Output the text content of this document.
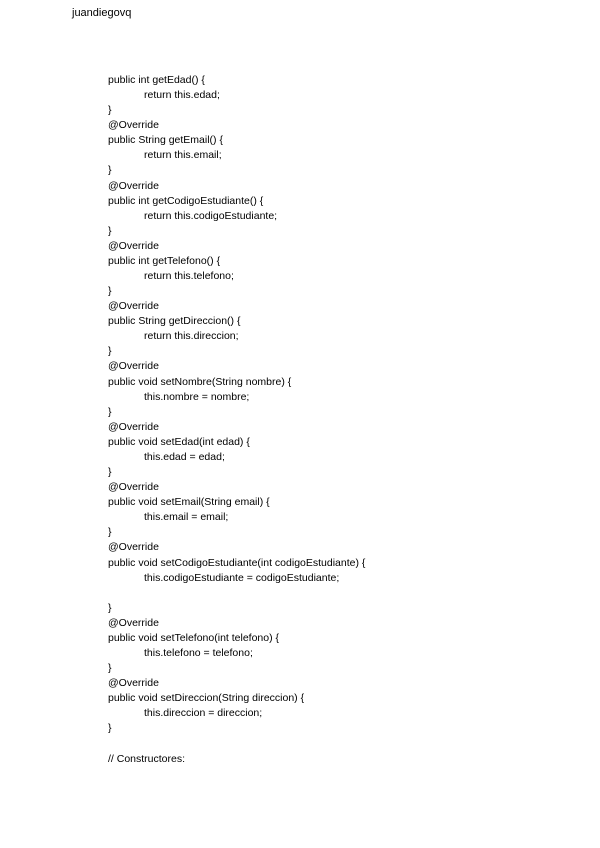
juandiegovq
public int getEdad() {
return this.edad;
}
@Override
public String getEmail() {
return this.email;
}
@Override
public int getCodigoEstudiante() {
return this.codigoEstudiante;
}
@Override
public int getTelefono() {
return this.telefono;
}
@Override
public String getDireccion() {
return this.direccion;
}
@Override
public void setNombre(String nombre) {
this.nombre = nombre;
}
@Override
public void setEdad(int edad) {
this.edad = edad;
}
@Override
public void setEmail(String email) {
this.email = email;
}
@Override
public void setCodigoEstudiante(int codigoEstudiante) {
this.codigoEstudiante = codigoEstudiante;
}
@Override
public void setTelefono(int telefono) {
this.telefono = telefono;
}
@Override
public void setDireccion(String direccion) {
this.direccion = direccion;
}
// Constructores:
